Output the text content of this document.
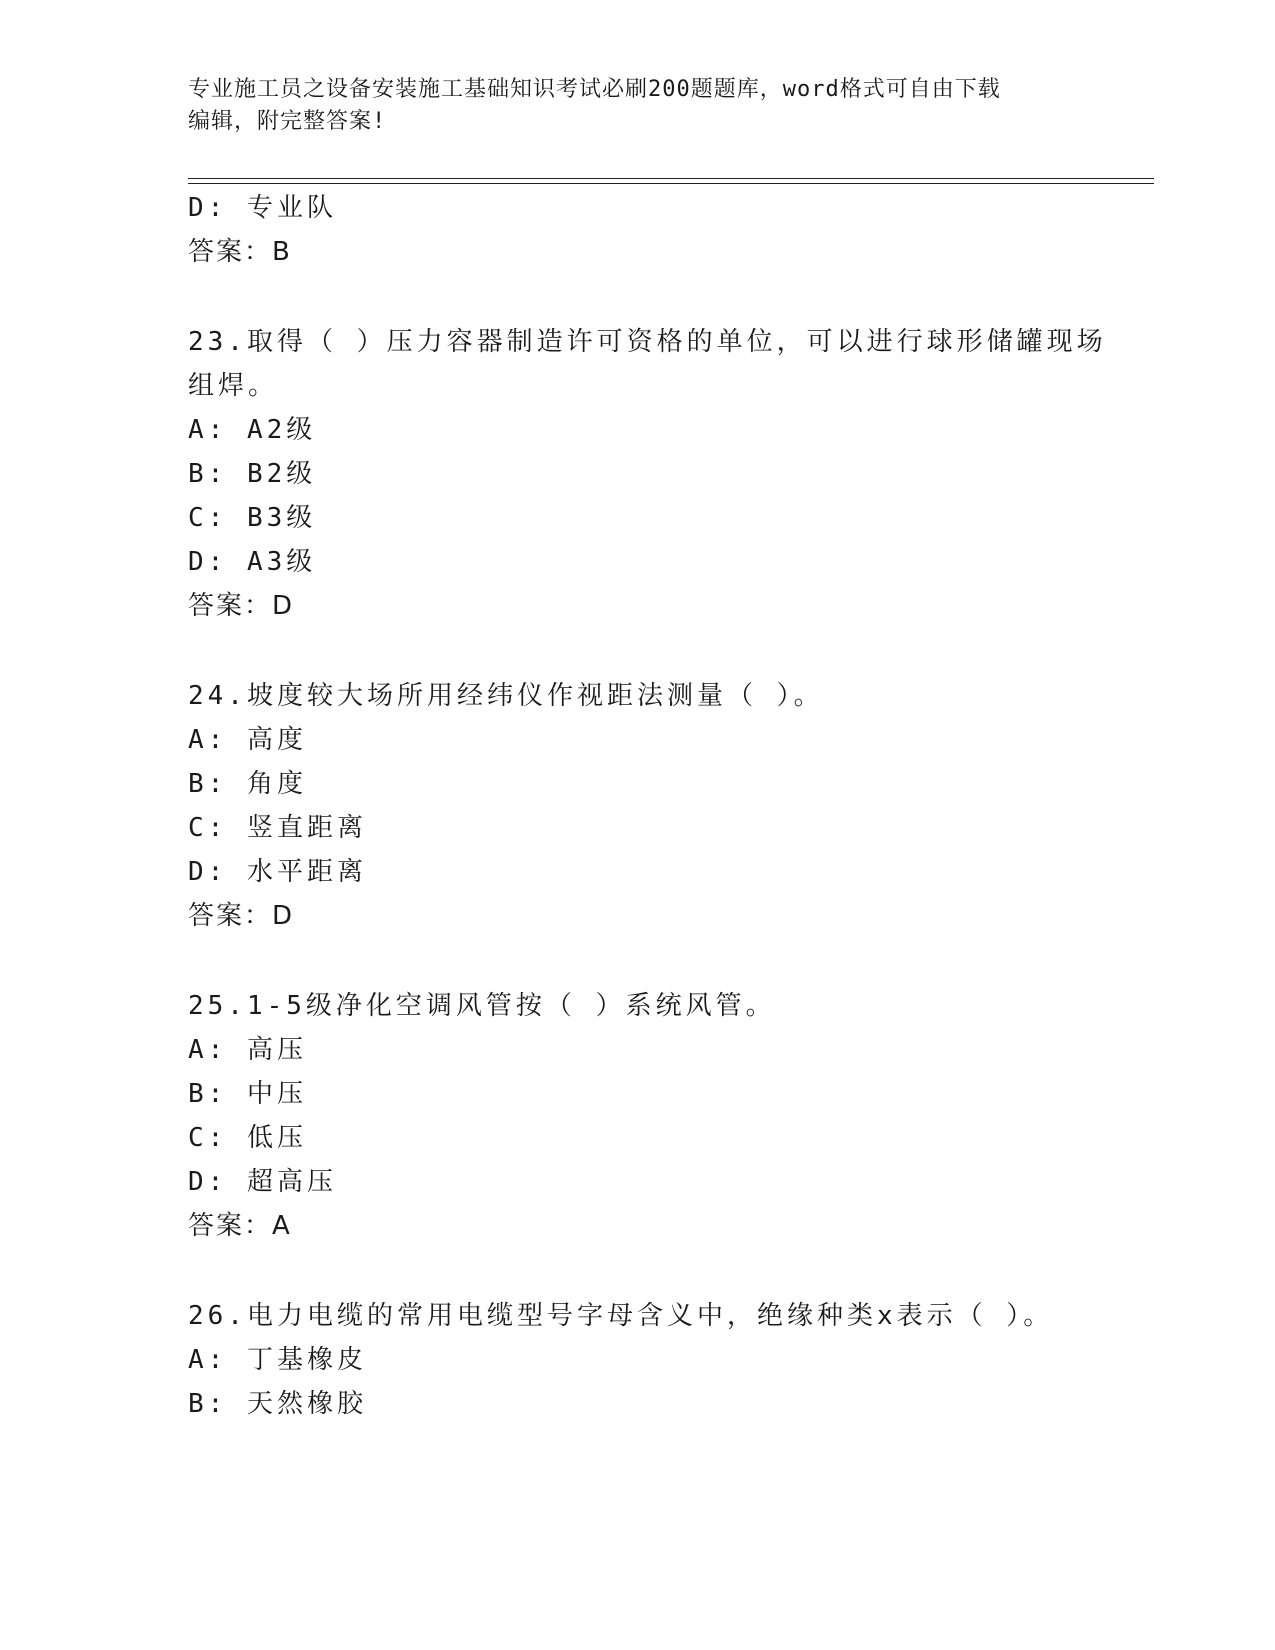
专业施工员之设备安装施工基础知识考试必刷200题题库，word格式可自由下载
编辑，附完整答案!
D: 专业队
答案：B
23.取得（ ）压力容器制造许可资格的单位，可以进行球形储罐现场
组焊。
A: A2级
B: B2级
C: B3级
D: A3级
答案：D
24.坡度较大场所用经纬仪作视距法测量（ ）。
A: 高度
B: 角度
C: 竖直距离
D: 水平距离
答案：D
25.1-5级净化空调风管按（ ）系统风管。
A: 高压
B: 中压
C: 低压
D: 超高压
答案：A
26.电力电缆的常用电缆型号字母含义中，绝缘种类x表示（ ）。
A: 丁基橡皮
B: 天然橡胶
